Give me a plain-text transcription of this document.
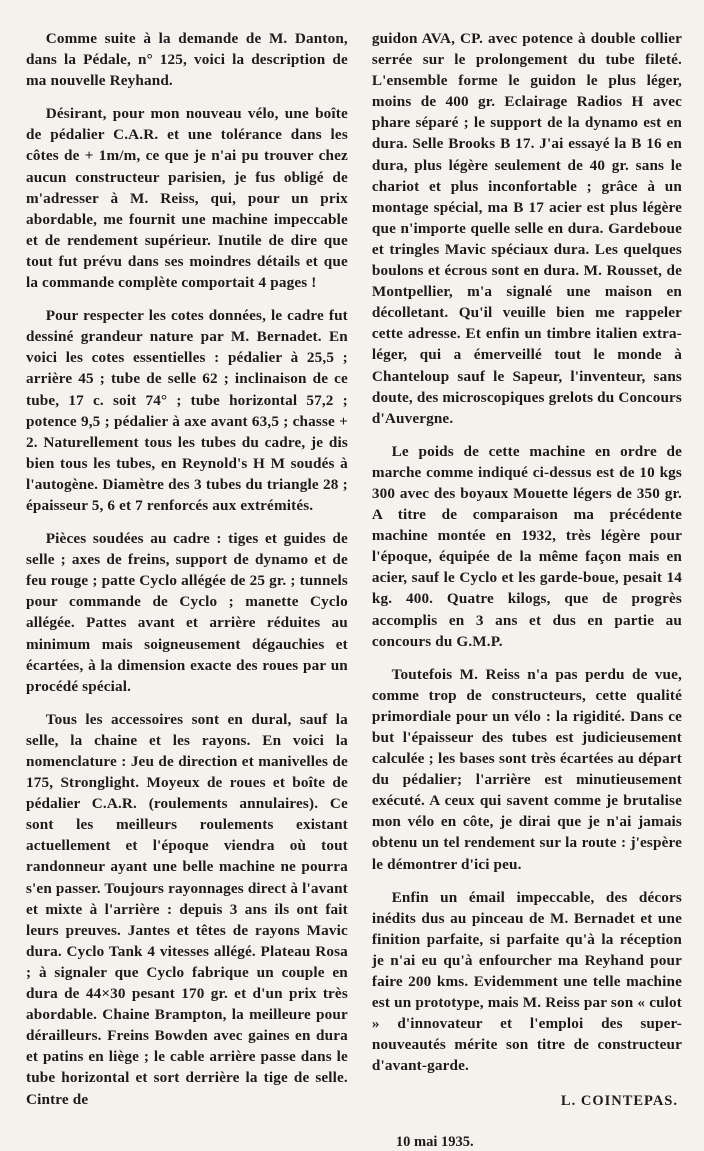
Comme suite à la demande de M. Danton, dans la Pédale, n° 125, voici la description de ma nouvelle Reyhand.

Désirant, pour mon nouveau vélo, une boîte de pédalier C.A.R. et une tolérance dans les côtes de + 1m/m, ce que je n'ai pu trouver chez aucun constructeur parisien, je fus obligé de m'adresser à M. Reiss, qui, pour un prix abordable, me fournit une machine impeccable et de rendement supérieur. Inutile de dire que tout fut prévu dans ses moindres détails et que la commande complète comportait 4 pages !

Pour respecter les cotes données, le cadre fut dessiné grandeur nature par M. Bernadet. En voici les cotes essentielles : pédalier à 25,5 ; arrière 45 ; tube de selle 62 ; inclinaison de ce tube, 17 c. soit 74° ; tube horizontal 57,2 ; potence 9,5 ; pédalier à axe avant 63,5 ; chasse + 2. Naturellement tous les tubes du cadre, je dis bien tous les tubes, en Reynold's H M soudés à l'autogène. Diamètre des 3 tubes du triangle 28 ; épaisseur 5, 6 et 7 renforcés aux extrémités.

Pièces soudées au cadre : tiges et guides de selle ; axes de freins, support de dynamo et de feu rouge ; patte Cyclo allégée de 25 gr. ; tunnels pour commande de Cyclo ; manette Cyclo allégée. Pattes avant et arrière réduites au minimum mais soigneusement dégauchies et écartées, à la dimension exacte des roues par un procédé spécial.

Tous les accessoires sont en dural, sauf la selle, la chaine et les rayons. En voici la nomenclature : Jeu de direction et manivelles de 175, Stronglight. Moyeux de roues et boîte de pédalier C.A.R. (roulements annulaires). Ce sont les meilleurs roulements existant actuellement et l'époque viendra où tout randonneur ayant une belle machine ne pourra s'en passer. Toujours rayonnages direct à l'avant et mixte à l'arrière : depuis 3 ans ils ont fait leurs preuves. Jantes et têtes de rayons Mavic dura. Cyclo Tank 4 vitesses allégé. Plateau Rosa ; à signaler que Cyclo fabrique un couple en dura de 44×30 pesant 170 gr. et d'un prix très abordable. Chaine Brampton, la meilleure pour dérailleurs. Freins Bowden avec gaines en dura et patins en liège ; le cable arrière passe dans le tube horizontal et sort derrière la tige de selle. Cintre de

guidon AVA, CP. avec potence à double collier serrée sur le prolongement du tube fileté. L'ensemble forme le guidon le plus léger, moins de 400 gr. Eclairage Radios H avec phare séparé ; le support de la dynamo est en dura. Selle Brooks B 17. J'ai essayé la B 16 en dura, plus légère seulement de 40 gr. sans le chariot et plus inconfortable ; grâce à un montage spécial, ma B 17 acier est plus légère que n'importe quelle selle en dura. Gardeboue et tringles Mavic spéciaux dura. Les quelques boulons et écrous sont en dura. M. Rousset, de Montpellier, m'a signalé une maison en décolletant. Qu'il veuille bien me rappeler cette adresse. Et enfin un timbre italien extra-léger, qui a émerveillé tout le monde à Chanteloup sauf le Sapeur, l'inventeur, sans doute, des microscopiques grelots du Concours d'Auvergne.

Le poids de cette machine en ordre de marche comme indiqué ci-dessus est de 10 kgs 300 avec des boyaux Mouette légers de 350 gr. A titre de comparaison ma précédente machine montée en 1932, très légère pour l'époque, équipée de la même façon mais en acier, sauf le Cyclo et les garde-boue, pesait 14 kg. 400. Quatre kilogs, que de progrès accomplis en 3 ans et dus en partie au concours du G.M.P.

Toutefois M. Reiss n'a pas perdu de vue, comme trop de constructeurs, cette qualité primordiale pour un vélo : la rigidité. Dans ce but l'épaisseur des tubes est judicieusement calculée ; les bases sont très écartées au départ du pédalier; l'arrière est minutieusement exécuté. A ceux qui savent comme je brutalise mon vélo en côte, je dirai que je n'ai jamais obtenu un tel rendement sur la route : j'espère le démontrer d'ici peu.

Enfin un émail impeccable, des décors inédits dus au pinceau de M. Bernadet et une finition parfaite, si parfaite qu'à la réception je n'ai eu qu'à enfourcher ma Reyhand pour faire 200 kms. Evidemment une telle machine est un prototype, mais M. Reiss par son « culot » d'innovateur et l'emploi des super-nouveautés mérite son titre de constructeur d'avant-garde.

L. COINTEPAS.
10 mai 1935.
